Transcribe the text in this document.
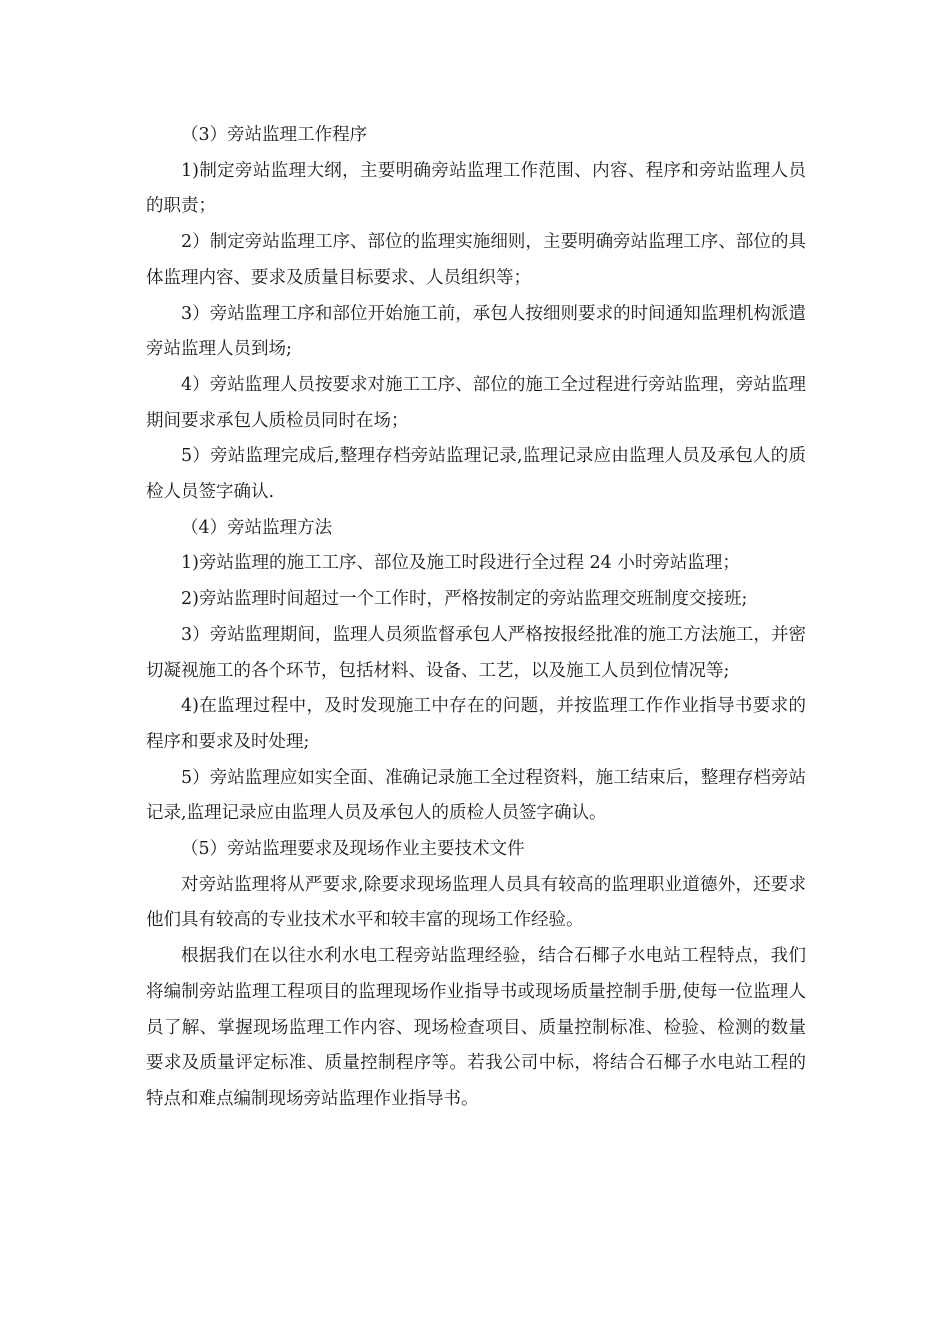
（3）旁站监理工作程序

1)制定旁站监理大纲，主要明确旁站监理工作范围、内容、程序和旁站监理人员的职责；

2）制定旁站监理工序、部位的监理实施细则，主要明确旁站监理工序、部位的具体监理内容、要求及质量目标要求、人员组织等；

3）旁站监理工序和部位开始施工前，承包人按细则要求的时间通知监理机构派遣旁站监理人员到场;

4）旁站监理人员按要求对施工工序、部位的施工全过程进行旁站监理，旁站监理期间要求承包人质检员同时在场；

5）旁站监理完成后,整理存档旁站监理记录,监理记录应由监理人员及承包人的质检人员签字确认.

（4）旁站监理方法

1)旁站监理的施工工序、部位及施工时段进行全过程 24 小时旁站监理；

2)旁站监理时间超过一个工作时，严格按制定的旁站监理交班制度交接班;

3）旁站监理期间，监理人员须监督承包人严格按报经批准的施工方法施工，并密切凝视施工的各个环节，包括材料、设备、工艺，以及施工人员到位情况等;

4)在监理过程中，及时发现施工中存在的问题，并按监理工作作业指导书要求的程序和要求及时处理;

5）旁站监理应如实全面、准确记录施工全过程资料，施工结束后，整理存档旁站记录,监理记录应由监理人员及承包人的质检人员签字确认。

（5）旁站监理要求及现场作业主要技术文件

对旁站监理将从严要求,除要求现场监理人员具有较高的监理职业道德外，还要求他们具有较高的专业技术水平和较丰富的现场工作经验。

根据我们在以往水利水电工程旁站监理经验，结合石椰子水电站工程特点，我们将编制旁站监理工程项目的监理现场作业指导书或现场质量控制手册,使每一位监理人员了解、掌握现场监理工作内容、现场检查项目、质量控制标准、检验、检测的数量要求及质量评定标准、质量控制程序等。若我公司中标，将结合石椰子水电站工程的特点和难点编制现场旁站监理作业指导书。
